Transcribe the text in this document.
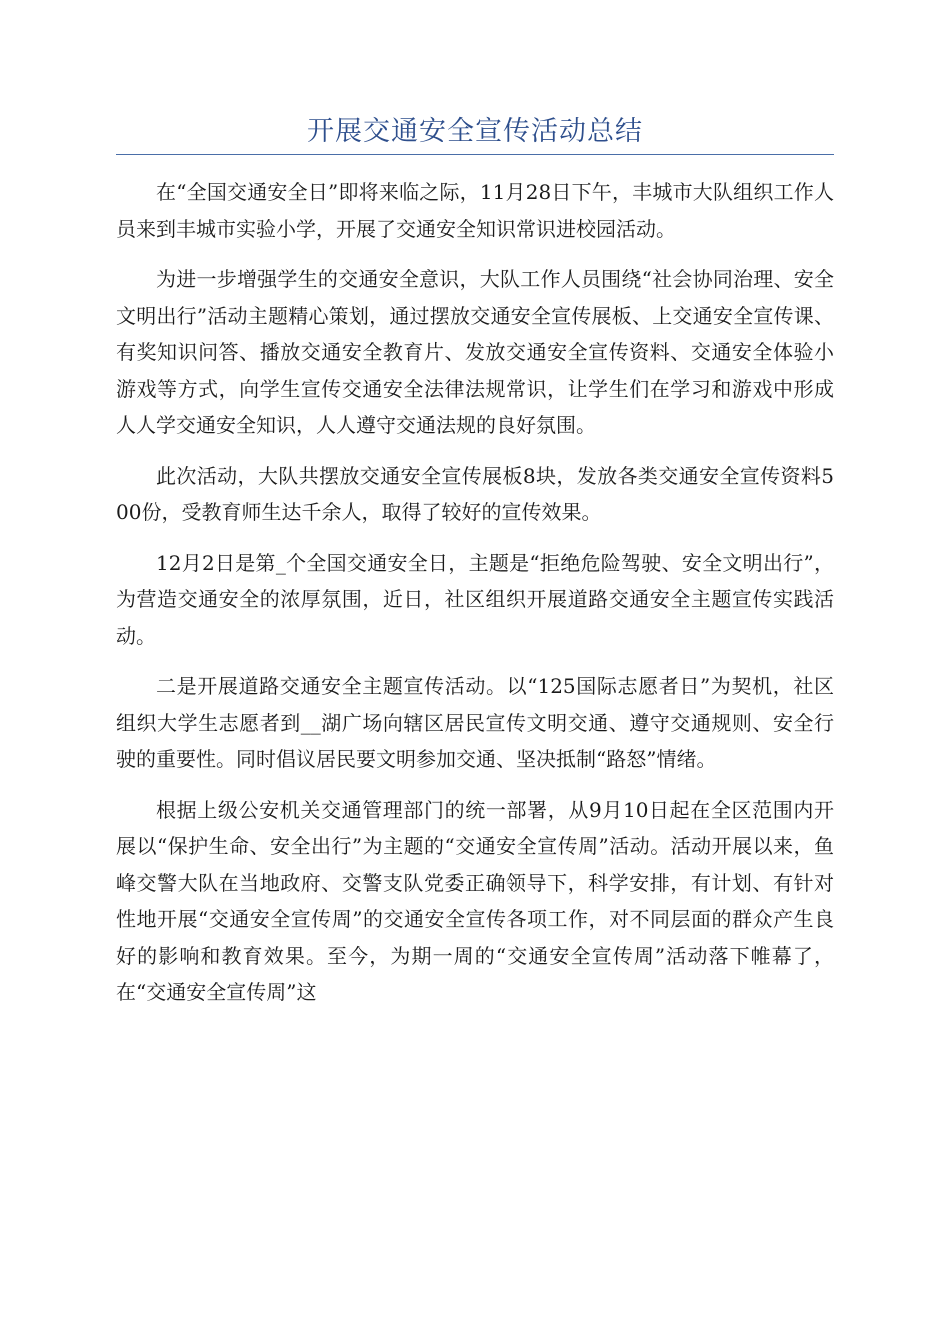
开展交通安全宣传活动总结

在“全国交通安全日”即将来临之际，11月28日下午，丰城市大队组织工作人员来到丰城市实验小学，开展了交通安全知识常识进校园活动。

为进一步增强学生的交通安全意识，大队工作人员围绕“社会协同治理、安全文明出行”活动主题精心策划，通过摆放交通安全宣传展板、上交通安全宣传课、有奖知识问答、播放交通安全教育片、发放交通安全宣传资料、交通安全体验小游戏等方式，向学生宣传交通安全法律法规常识，让学生们在学习和游戏中形成人人学交通安全知识，人人遵守交通法规的良好氛围。

此次活动，大队共摆放交通安全宣传展板8块，发放各类交通安全宣传资料500份，受教育师生达千余人，取得了较好的宣传效果。

12月2日是第_个全国交通安全日，主题是“拒绝危险驾驶、安全文明出行”，为营造交通安全的浓厚氛围，近日，社区组织开展道路交通安全主题宣传实践活动。

二是开展道路交通安全主题宣传活动。以“125国际志愿者日”为契机，社区组织大学生志愿者到__湖广场向辖区居民宣传文明交通、遵守交通规则、安全行驶的重要性。同时倡议居民要文明参加交通、坚决抵制“路怒”情绪。

根据上级公安机关交通管理部门的统一部署，从9月10日起在全区范围内开展以“保护生命、安全出行”为主题的“交通安全宣传周”活动。活动开展以来，鱼峰交警大队在当地政府、交警支队党委正确领导下，科学安排，有计划、有针对性地开展“交通安全宣传周”的交通安全宣传各项工作，对不同层面的群众产生良好的影响和教育效果。至今，为期一周的“交通安全宣传周”活动落下帷幕了，在“交通安全宣传周”这
